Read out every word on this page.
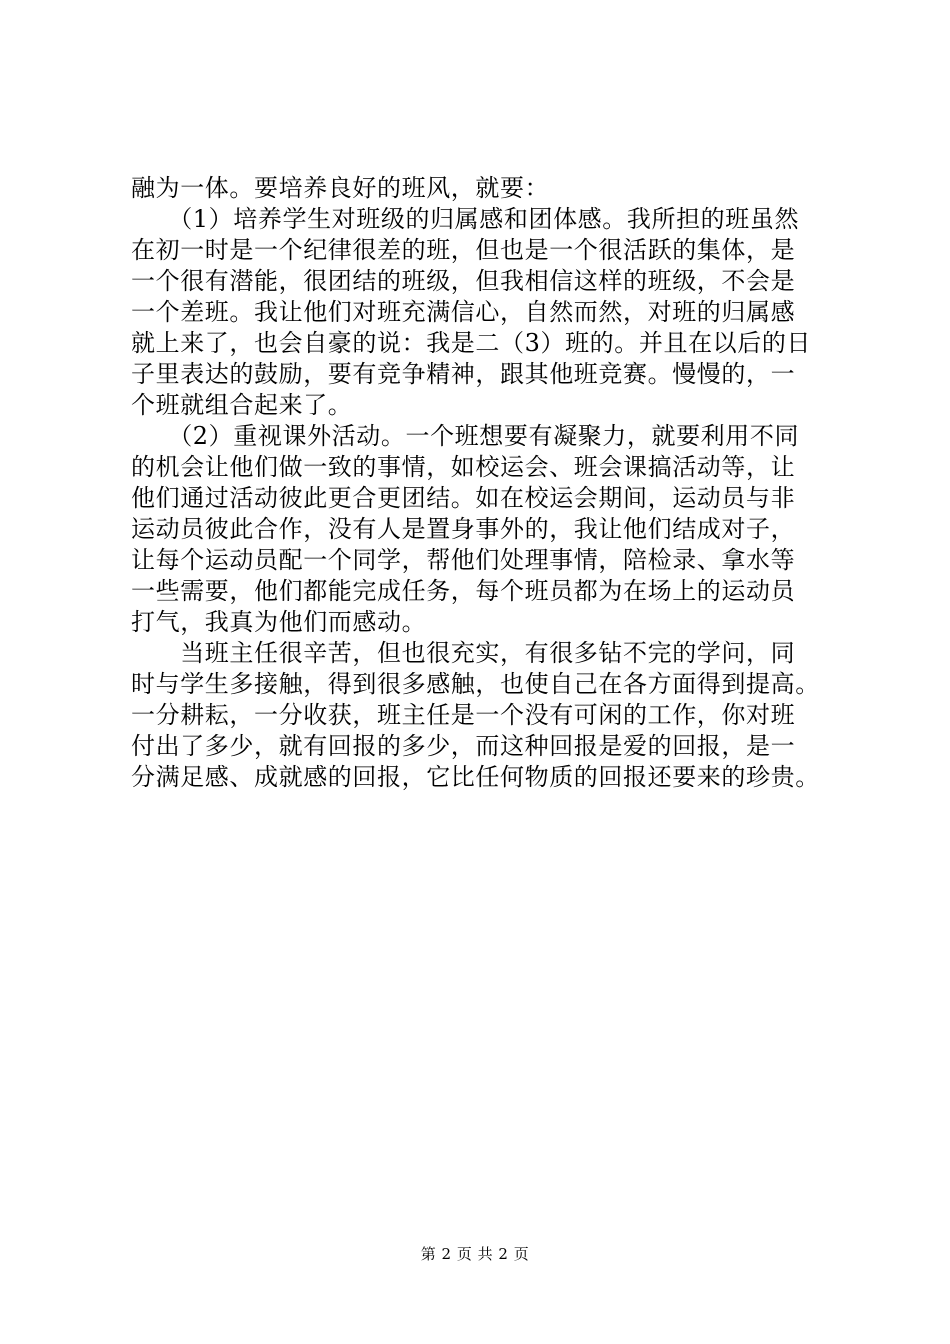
融为一体。要培养良好的班风，就要：
　　（1）培养学生对班级的归属感和团体感。我所担的班虽然
在初一时是一个纪律很差的班，但也是一个很活跃的集体，是
一个很有潜能，很团结的班级，但我相信这样的班级，不会是
一个差班。我让他们对班充满信心，自然而然，对班的归属感
就上来了，也会自豪的说：我是二（3）班的。并且在以后的日
子里表达的鼓励，要有竞争精神，跟其他班竞赛。慢慢的，一
个班就组合起来了。
　　（2）重视课外活动。一个班想要有凝聚力，就要利用不同
的机会让他们做一致的事情，如校运会、班会课搞活动等，让
他们通过活动彼此更合更团结。如在校运会期间，运动员与非
运动员彼此合作，没有人是置身事外的，我让他们结成对子，
让每个运动员配一个同学，帮他们处理事情，陪检录、拿水等
一些需要，他们都能完成任务，每个班员都为在场上的运动员
打气，我真为他们而感动。
　　当班主任很辛苦，但也很充实，有很多钻不完的学问，同
时与学生多接触，得到很多感触，也使自己在各方面得到提高。
一分耕耘，一分收获，班主任是一个没有可闲的工作，你对班
付出了多少，就有回报的多少，而这种回报是爱的回报，是一
分满足感、成就感的回报，它比任何物质的回报还要来的珍贵。
第 2 页 共 2 页
